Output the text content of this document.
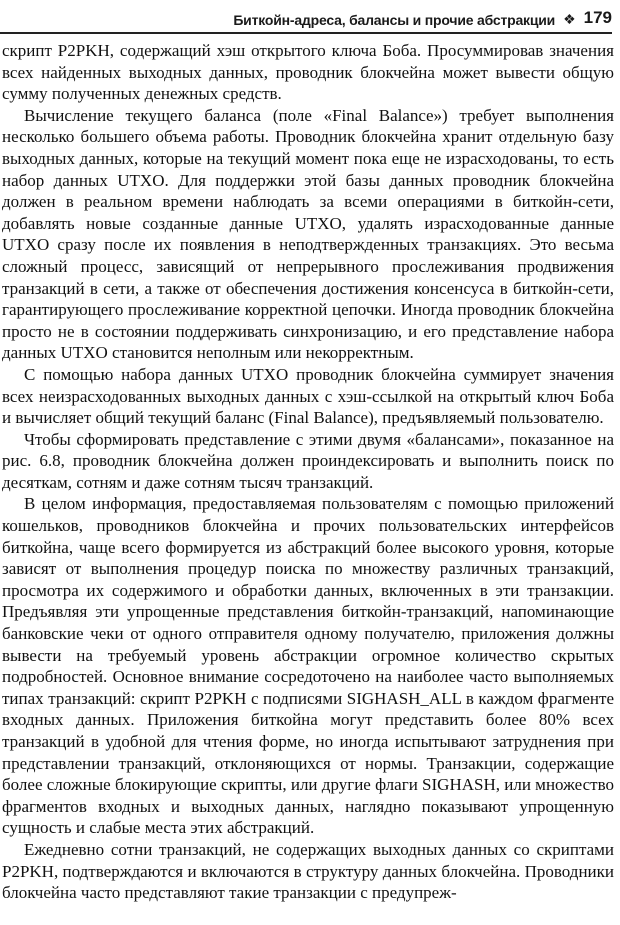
Биткойн-адреса, балансы и прочие абстракции ❖ 179

скрипт P2PKH, содержащий хэш открытого ключа Боба. Просуммировав значения всех найденных выходных данных, проводник блокчейна может вывести общую сумму полученных денежных средств.

Вычисление текущего баланса (поле «Final Balance») требует выполнения несколько большего объема работы. Проводник блокчейна хранит отдельную базу выходных данных, которые на текущий момент пока еще не израсходованы, то есть набор данных UTXO. Для поддержки этой базы данных проводник блокчейна должен в реальном времени наблюдать за всеми операциями в биткойн-сети, добавлять новые созданные данные UTXO, удалять израсходованные данные UTXO сразу после их появления в неподтвержденных транзакциях. Это весьма сложный процесс, зависящий от непрерывного прослеживания продвижения транзакций в сети, а также от обеспечения достижения консенсуса в биткойн-сети, гарантирующего прослеживание корректной цепочки. Иногда проводник блокчейна просто не в состоянии поддерживать синхронизацию, и его представление набора данных UTXO становится неполным или некорректным.

С помощью набора данных UTXO проводник блокчейна суммирует значения всех неизрасходованных выходных данных с хэш-ссылкой на открытый ключ Боба и вычисляет общий текущий баланс (Final Balance), предъявляемый пользователю.

Чтобы сформировать представление с этими двумя «балансами», показанное на рис. 6.8, проводник блокчейна должен проиндексировать и выполнить поиск по десяткам, сотням и даже сотням тысяч транзакций.

В целом информация, предоставляемая пользователям с помощью приложений кошельков, проводников блокчейна и прочих пользовательских интерфейсов биткойна, чаще всего формируется из абстракций более высокого уровня, которые зависят от выполнения процедур поиска по множеству различных транзакций, просмотра их содержимого и обработки данных, включенных в эти транзакции. Предъявляя эти упрощенные представления биткойн-транзакций, напоминающие банковские чеки от одного отправителя одному получателю, приложения должны вывести на требуемый уровень абстракции огромное количество скрытых подробностей. Основное внимание сосредоточено на наиболее часто выполняемых типах транзакций: скрипт P2PKH с подписями SIGHASH_ALL в каждом фрагменте входных данных. Приложения биткойна могут представить более 80% всех транзакций в удобной для чтения форме, но иногда испытывают затруднения при представлении транзакций, отклоняющихся от нормы. Транзакции, содержащие более сложные блокирующие скрипты, или другие флаги SIGHASH, или множество фрагментов входных и выходных данных, наглядно показывают упрощенную сущность и слабые места этих абстракций.

Ежедневно сотни транзакций, не содержащих выходных данных со скриптами P2PKH, подтверждаются и включаются в структуру данных блокчейна. Проводники блокчейна часто представляют такие транзакции с предупреж-
